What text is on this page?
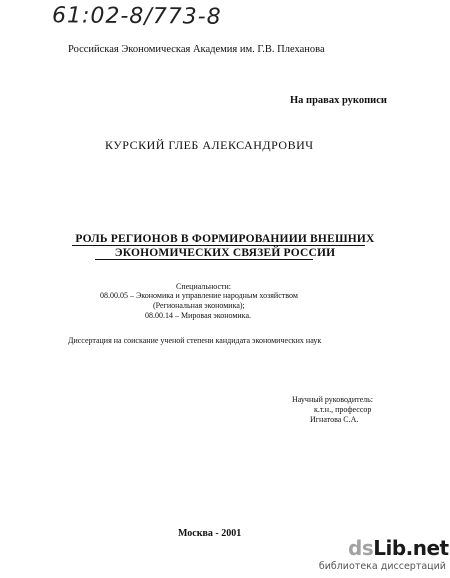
61:02-8/773-8
Российская Экономическая Академия им. Г.В. Плеханова
На правах рукописи
КУРСКИЙ ГЛЕБ АЛЕКСАНДРОВИЧ
РОЛЬ РЕГИОНОВ В ФОРМИРОВАНИИИ ВНЕШНИХ
ЭКОНОМИЧЕСКИХ СВЯЗЕЙ РОССИИ
Специальности:
08.00.05 – Экономика и управление народным хозяйством
(Региональная экономика);
08.00.14 – Мировая экономика.
Диссертация на соискание ученой степени кандидата экономических наук
Научный руководитель:
к.т.н., профессор
Игнатова С.А.
Москва - 2001
dsLib.net
библиотека диссертаций
